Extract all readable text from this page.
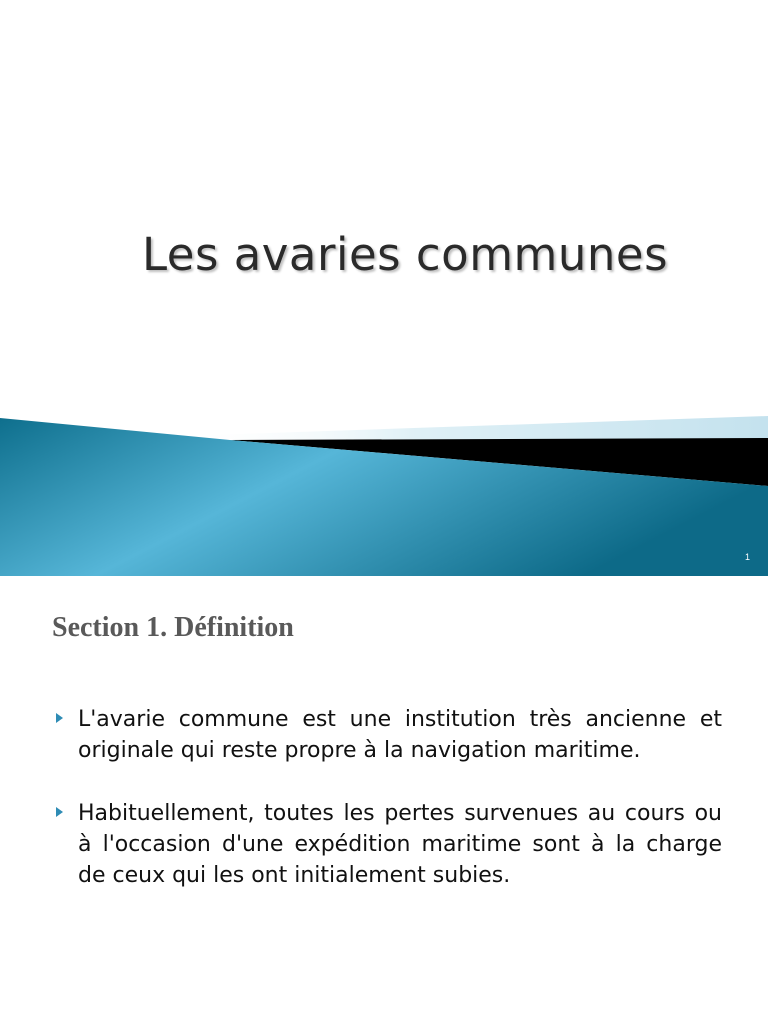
Les avaries communes
1
Section 1. Définition
L'avarie commune est une institution très ancienne et originale qui reste propre à la navigation maritime.
Habituellement, toutes les pertes survenues au cours ou à l'occasion d'une expédition maritime sont à la charge de ceux qui les ont initialement subies.
